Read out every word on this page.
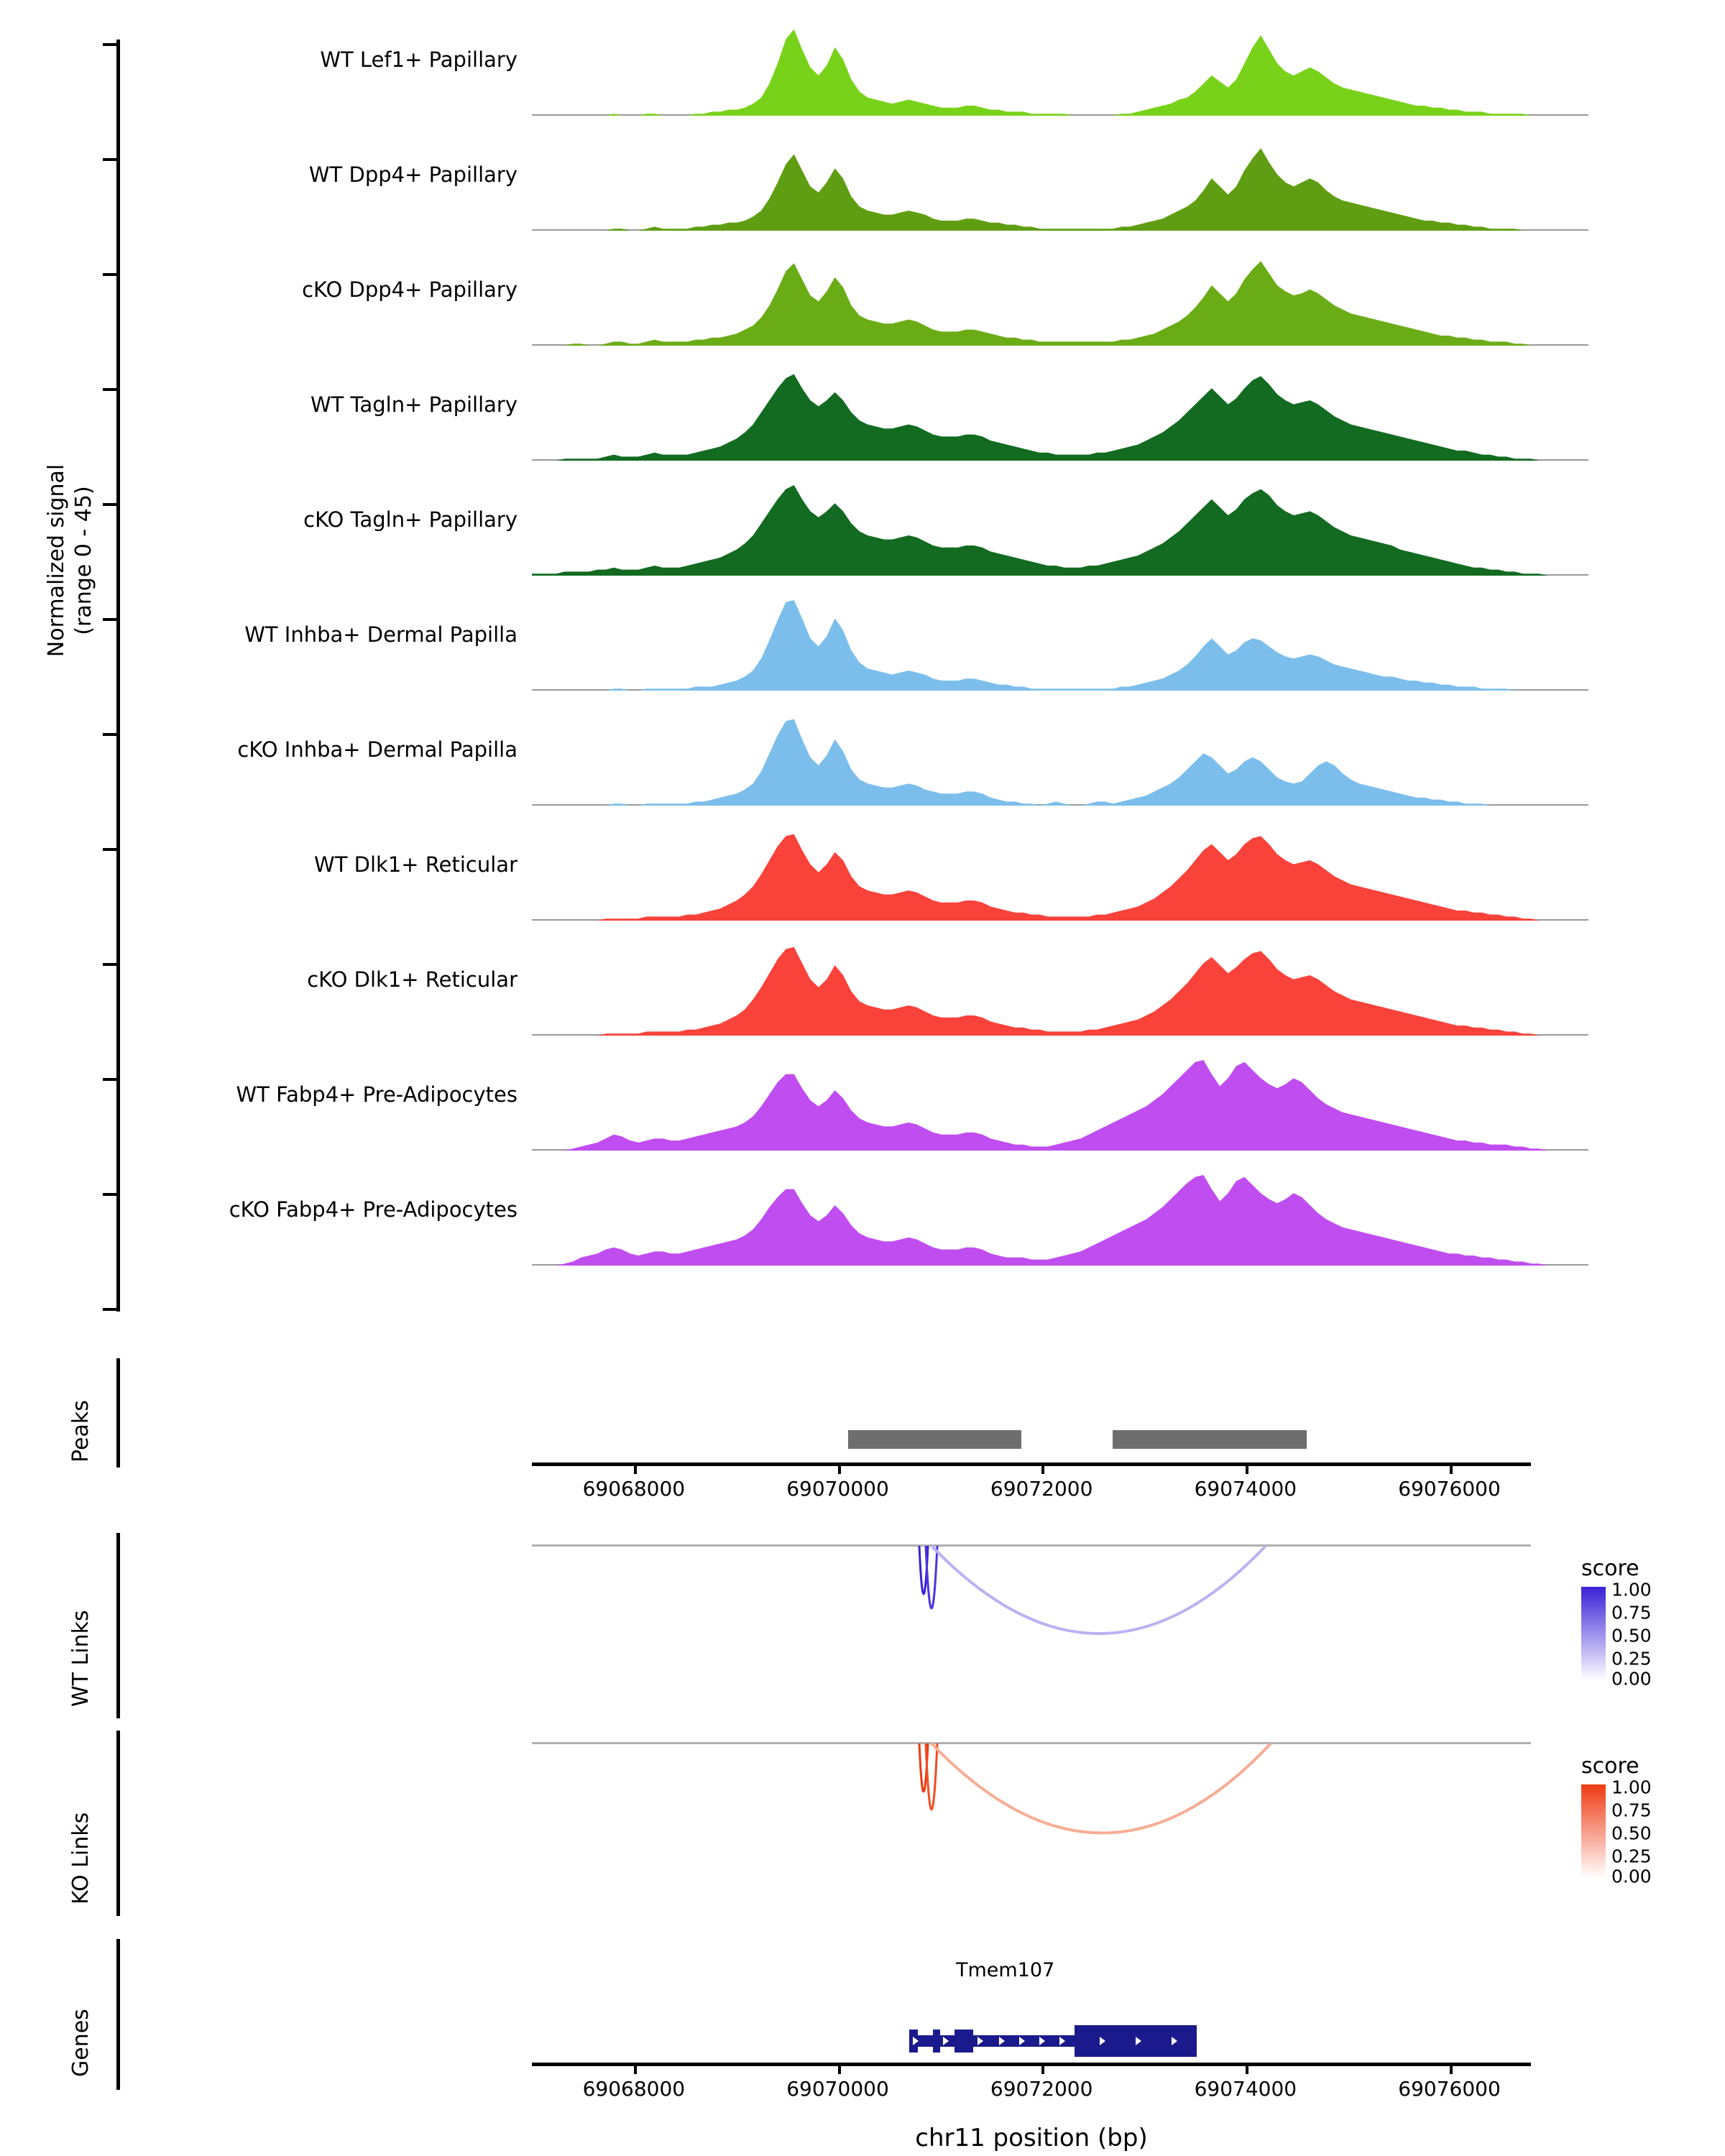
Normalized signal (range 0 - 45)
WT Lef1+ Papillary
WT Dpp4+ Papillary
cKO Dpp4+ Papillary
WT Tagln+ Papillary
cKO Tagln+ Papillary
WT Inhba+ Dermal Papilla
cKO Inhba+ Dermal Papilla
WT Dlk1+ Reticular
cKO Dlk1+ Reticular
WT Fabp4+ Pre-Adipocytes
cKO Fabp4+ Pre-Adipocytes
Peaks
69068000	69070000	69072000	69074000	69076000
WT Links
score
1.00
0.75
0.50
0.25
0.00
KO Links
score
1.00
0.75
0.50
0.25
0.00
Genes
Tmem107
69068000	69070000	69072000	69074000	69076000
chr11 position (bp)
